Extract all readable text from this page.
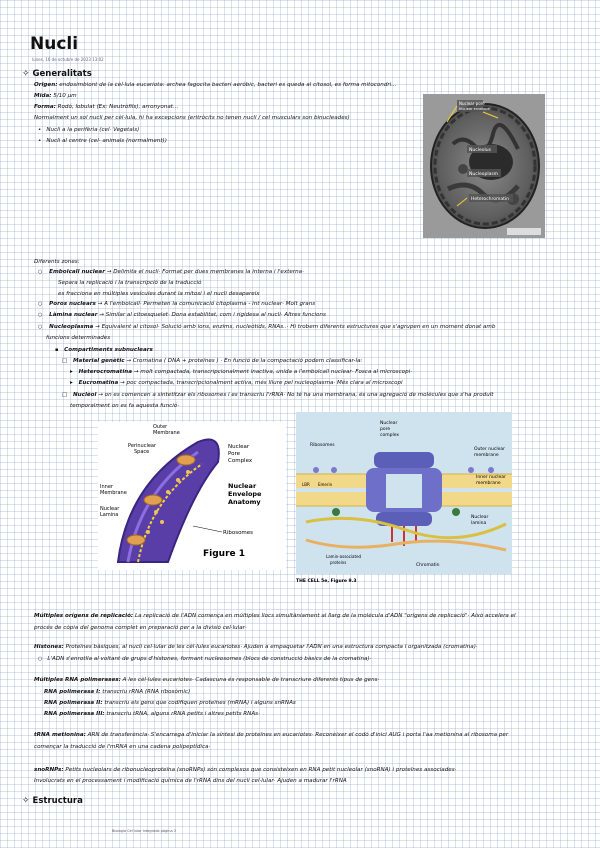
Nucli
lunes, 16 de octubre de 2023 13:02
✧ Generalitats
Origen: endosimbiont de la cèl·lula eucariota: archea fagocita bacteri aeròbic, bacteri es queda al citosol, es forma mitocondri...
Mida: 5/10 μm
Forma: Rodó, lobulat (Ex: Neutròfils), arronyonat...
Normalment un sol nucli per cèl·lula, hi ha excepcions (eritròcits no tenen nucli / cel musculars son binucleades)
• Nucli a la perifèria (cel· Vegetals)
• Nucli al centre (cel· animals (normalment))
Nuclear pore
Nuclear envelope
Nucleolus
Nucleoplasm
Heterochromatin
Diferents zones:
○ Embolcall nuclear → Delimita el nucli· Format per dues membranes la interna i l'externa·
Separa la replicació i la transcripció de la traducció
es fracciona en múltiples vesícules durant la mitosi i el nucli desapareix
○ Poros nuclears → A l'embolcall· Permeten la comunicació citoplasma - int nuclear· Molt grans
○ Làmina nuclear → Similar al citoesquelet· Dona estabilitat, com i rigidesa al nucli· Altres funcions
○ Nucleoplasma → Equivalent al citosol· Solució amb ions, enzims, nucleòtids, RNAs..· Hi trobem diferents estructures que s'agrupen en un moment donat amb
funcions determinades
▪ Compartiments subnuclears
□ Material genètic → Cromatina ( DNA + proteïnes ) · En funció de la compactació podem classificar-la:
▸ Heterocromatina → molt compactada, transcripcionalment inactiva, unida a l'embolcall nuclear· Fosca al microscopi·
▸ Eucromatina → poc compactada, transcripcionalment activa, més lliure pel nucleoplasma· Més clara al microscopi
□ Nuclèol → on es comencen a sintetitzar els ribosomes i es transcriu l'rRNA· No té ha una membrana, és una agregació de molècules que s'ha produït
temporalment on es fa aquesta funció·
Outer
Membrane
Perinuclear
Space
Inner
Membrane
Nuclear
Lamina
Nuclear
Pore
Complex
Nuclear
Envelope
Anatomy
Ribosomes
Figure 1
Nuclear
pore
complex
Ribosomes
Outer nuclear
membrane
Inner nuclear
membrane
LBR Emerin
Nuclear
lamina
Lamin-associated
proteins
Chromatin
THE CELL 5e, Figure 9.3
Múltiples orígens de replicació: La replicació de l'ADN comença en múltiples llocs simultàniament al llarg de la molècula d'ADN "orígens de replicació"· Això accelera el
procés de còpia del genoma complet en preparació per a la divisió cel·lular·
Histones: Proteïnes bàsiques, al nucli cel·lular de les cèl·lules eucariotes· Ajuden a empaquetar l'ADN en una estructura compacta i organitzada (cromatina)·
○ L'ADN s'enrotlla al voltant de grups d'histones, formant nucleosomes (blocs de construcció bàsics de la cromatina)·
Múltiples RNA polimerases: A les cèl·lules eucariotes· Cadascuna és responsable de transcriure diferents tipus de gens·
RNA polimerasa I: transcriu rRNA (RNA ribosòmic)
RNA polimerasa II: transcriu els gens que codifiquen proteïnes (mRNA) i alguns snRNAs
RNA polimerasa III: transcriu tRNA, alguns rRNA petits i altres petits RNAs·
tRNA metionina: ARN de transferència· S'encarrega d'iniciar la síntesi de proteïnes en eucariotes· Reconèixer el codó d'inici AUG i porta l'aa metionina al ribosoma per
començar la traducció de l'mRNA en una cadena polipeptídica·
snoRNPs: Petits nucleolars de ribonucleoproteïna (snoRNPs) són complexos que consisteixen en RNA petit nucleolar (snoRNA) i proteïnes associades·
Involucrats en el processament i modificació química de l'rRNA dins del nucli cel·lular· Ajuden a madurar l'rRNA
✧ Estructura
Biologia Cel·lular Integrada pàgina 3
